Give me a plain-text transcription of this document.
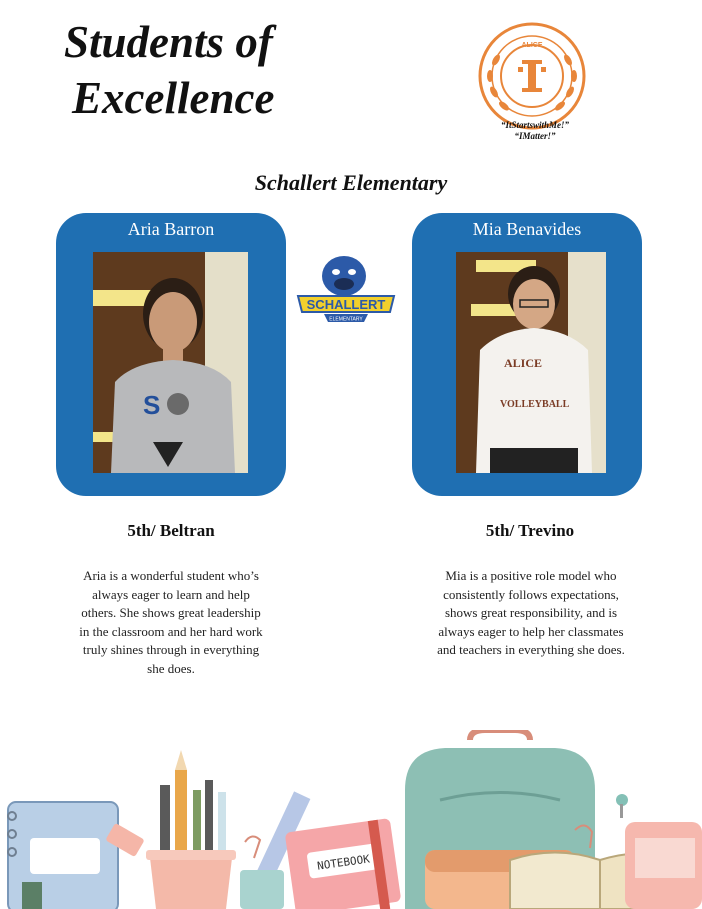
Students of
Excellence
ALICE
“ItStartswithMe!”
“IMatter!”
Schallert Elementary
Aria Barron
S
Mia Benavides
ALICE
VOLLEYBALL
SCHALLERT
ELEMENTARY
5th/ Beltran	5th/ Trevino
Aria is a wonderful student who’s always eager to learn and help others. She shows great leadership in the classroom and her hard work truly shines through in everything she does.
Mia is a positive role model who consistently follows expectations, shows great responsibility, and is always eager to help her classmates and teachers in everything she does.
NOTEBOOK
